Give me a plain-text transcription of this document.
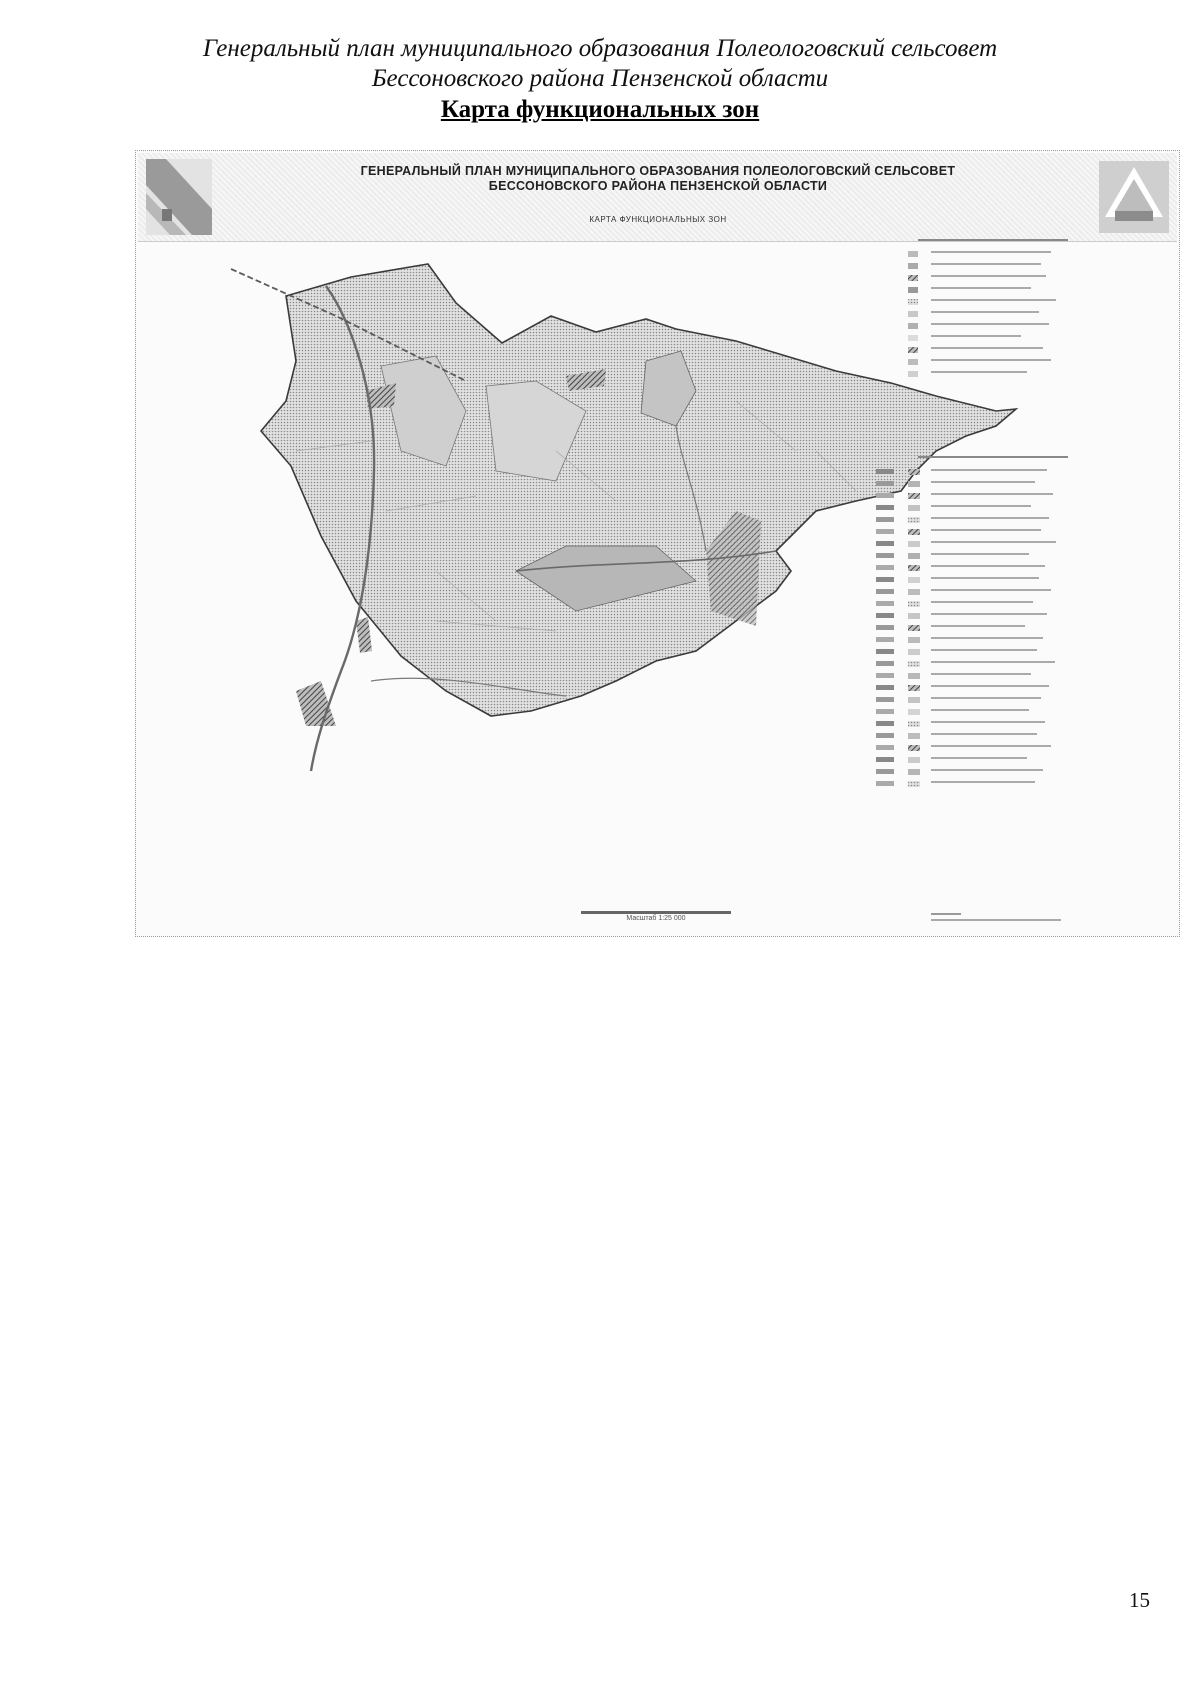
Генеральный план муниципального образования Полеологовский сельсовет
Бессоновского района Пензенской области
Карта функциональных зон
ГЕНЕРАЛЬНЫЙ ПЛАН МУНИЦИПАЛЬНОГО ОБРАЗОВАНИЯ ПОЛЕОЛОГОВСКИЙ СЕЛЬСОВЕТ
БЕССОНОВСКОГО РАЙОНА ПЕНЗЕНСКОЙ ОБЛАСТИ
КАРТА ФУНКЦИОНАЛЬНЫХ ЗОН
Масштаб 1:25 000
15
